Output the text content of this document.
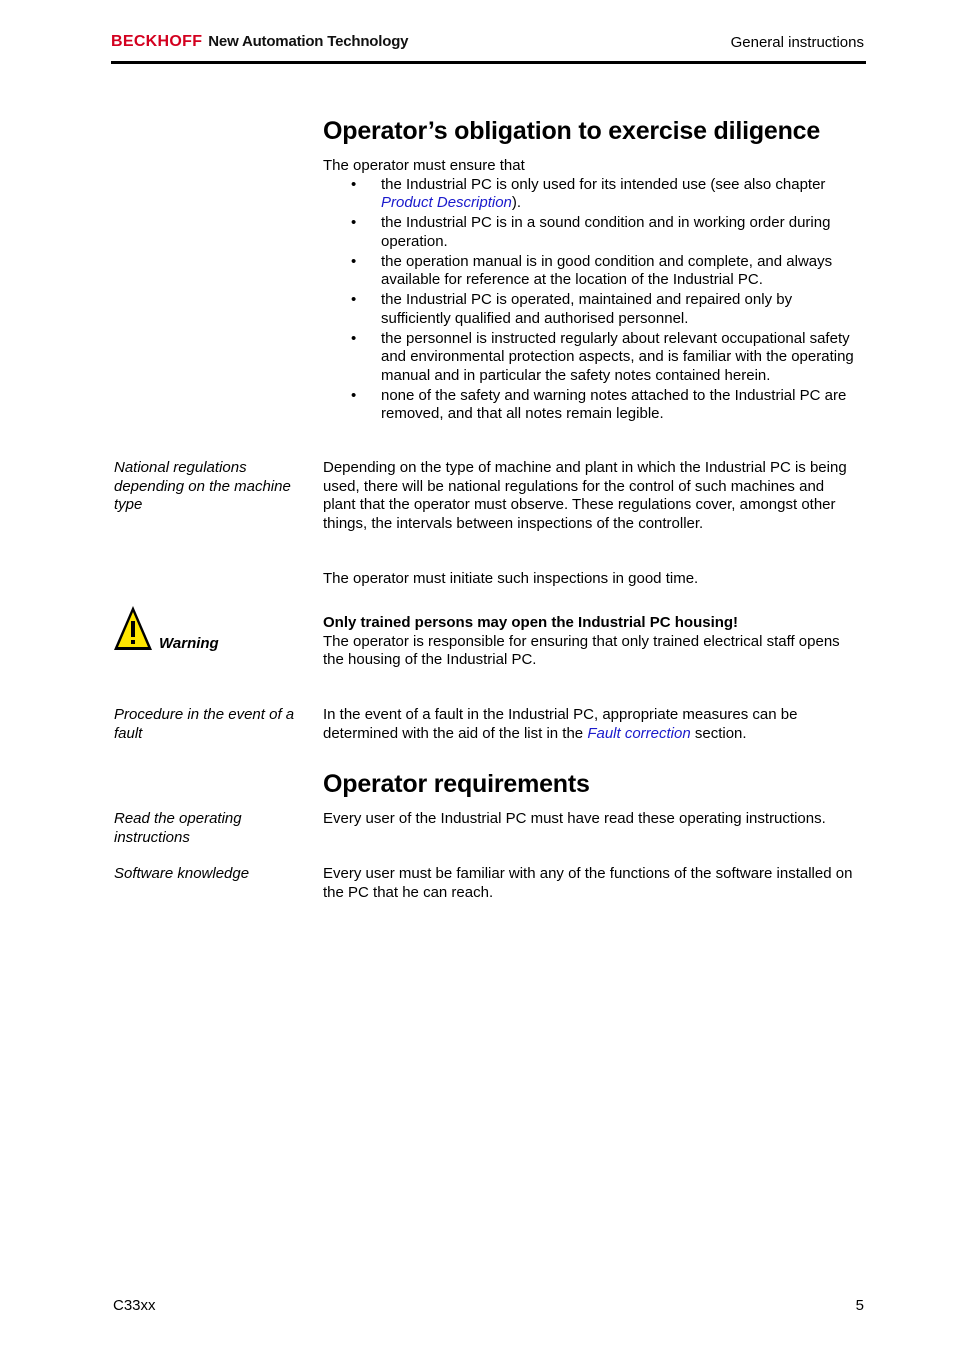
BECKHOFF New Automation Technology	General instructions
Operator’s obligation to exercise diligence
The operator must ensure that
• the Industrial PC is only used for its intended use (see also chapter Product Description).
• the Industrial PC is in a sound condition and in working order during operation.
• the operation manual is in good condition and complete, and always available for reference at the location of the Industrial PC.
• the Industrial PC is operated, maintained and repaired only by sufficiently qualified and authorised personnel.
• the personnel is instructed regularly about relevant occupational safety and environmental protection aspects, and is familiar with the operating manual and in particular the safety notes contained herein.
• none of the safety and warning notes attached to the Industrial PC are removed, and that all notes remain legible.
National regulations depending on the machine type
Depending on the type of machine and plant in which the Industrial PC is being used, there will be national regulations for the control of such machines and plant that the operator must observe. These regulations cover, amongst other things, the intervals between inspections of the controller.
The operator must initiate such inspections in good time.
Warning
Only trained persons may open the Industrial PC housing!
The operator is responsible for ensuring that only trained electrical staff opens the housing of the Industrial PC.
Procedure in the event of a fault
In the event of a fault in the Industrial PC, appropriate measures can be determined with the aid of the list in the Fault correction section.
Operator requirements
Read the operating instructions
Every user of the Industrial PC must have read these operating instructions.
Software knowledge	Every user must be familiar with any of the functions of the software installed on the PC that he can reach.
C33xx	5
